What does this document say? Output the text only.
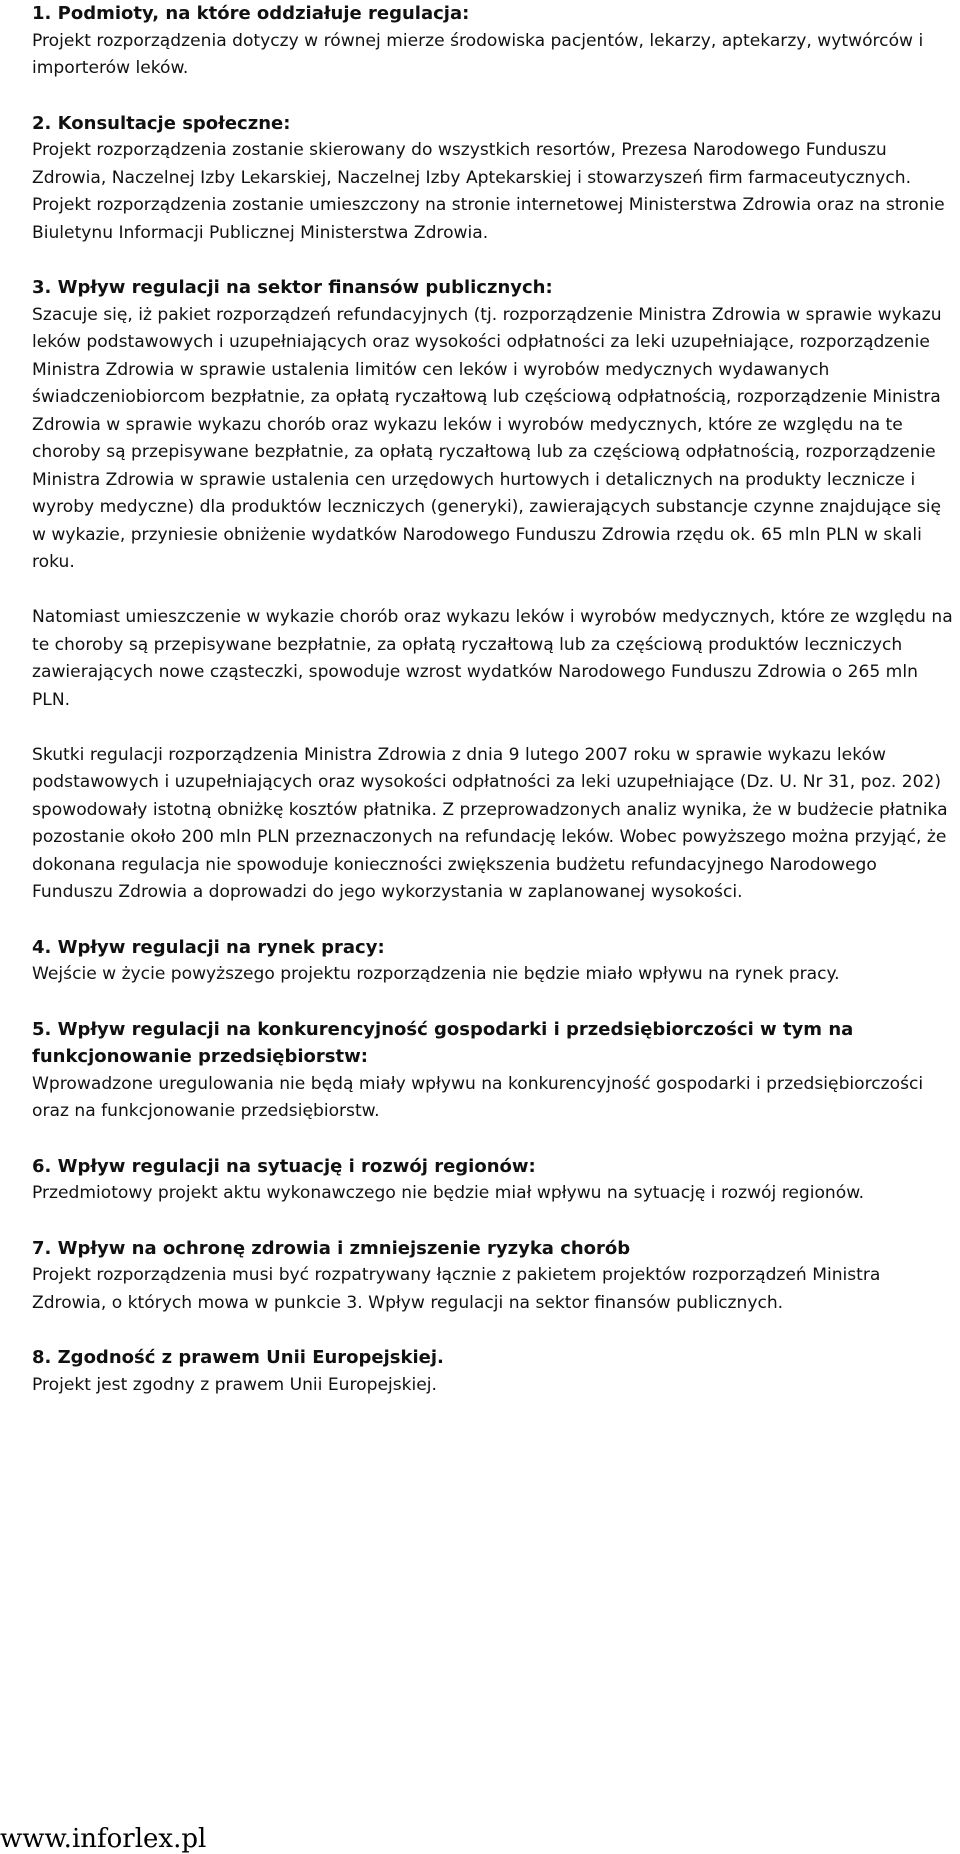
1. Podmioty, na które oddziałuje regulacja:

Projekt rozporządzenia dotyczy w równej mierze środowiska pacjentów, lekarzy, aptekarzy, wytwórców i importerów leków.

2. Konsultacje społeczne:

Projekt rozporządzenia zostanie skierowany do wszystkich resortów, Prezesa Narodowego Funduszu Zdrowia, Naczelnej Izby Lekarskiej, Naczelnej Izby Aptekarskiej i stowarzyszeń firm farmaceutycznych.

Projekt rozporządzenia zostanie umieszczony na stronie internetowej Ministerstwa Zdrowia oraz na stronie Biuletynu Informacji Publicznej Ministerstwa Zdrowia.

3. Wpływ regulacji na sektor finansów publicznych:

Szacuje się, iż pakiet rozporządzeń refundacyjnych (tj. rozporządzenie Ministra Zdrowia w sprawie wykazu leków podstawowych i uzupełniających oraz wysokości odpłatności za leki uzupełniające, rozporządzenie Ministra Zdrowia w sprawie ustalenia limitów cen leków i wyrobów medycznych wydawanych świadczeniobiorcom bezpłatnie, za opłatą ryczałtową lub częściową odpłatnością, rozporządzenie Ministra Zdrowia w sprawie wykazu chorób oraz wykazu leków i wyrobów medycznych, które ze względu na te choroby są przepisywane bezpłatnie, za opłatą ryczałtową lub za częściową odpłatnością, rozporządzenie Ministra Zdrowia w sprawie ustalenia cen urzędowych hurtowych i detalicznych na produkty lecznicze i wyroby medyczne) dla produktów leczniczych (generyki), zawierających substancje czynne znajdujące się w wykazie, przyniesie obniżenie wydatków Narodowego Funduszu Zdrowia rzędu ok. 65 mln PLN w skali roku.

Natomiast umieszczenie w wykazie chorób oraz wykazu leków i wyrobów medycznych, które ze względu na te choroby są przepisywane bezpłatnie, za opłatą ryczałtową lub za częściową produktów leczniczych zawierających nowe cząsteczki, spowoduje wzrost wydatków Narodowego Funduszu Zdrowia o 265 mln PLN.

Skutki regulacji rozporządzenia Ministra Zdrowia z dnia 9 lutego 2007 roku w sprawie wykazu leków podstawowych i uzupełniających oraz wysokości odpłatności za leki uzupełniające (Dz. U. Nr 31, poz. 202) spowodowały istotną obniżkę kosztów płatnika. Z przeprowadzonych analiz wynika, że w budżecie płatnika pozostanie około 200 mln PLN przeznaczonych na refundację leków. Wobec powyższego można przyjąć, że dokonana regulacja nie spowoduje konieczności zwiększenia budżetu refundacyjnego Narodowego Funduszu Zdrowia a doprowadzi do jego wykorzystania w zaplanowanej wysokości.

4. Wpływ regulacji na rynek pracy:

Wejście w życie powyższego projektu rozporządzenia nie będzie miało wpływu na rynek pracy.

5. Wpływ regulacji na konkurencyjność gospodarki i przedsiębiorczości w tym na funkcjonowanie przedsiębiorstw:

Wprowadzone uregulowania nie będą miały wpływu na konkurencyjność gospodarki i przedsiębiorczości oraz na funkcjonowanie przedsiębiorstw.

6. Wpływ regulacji na sytuację i rozwój regionów:

Przedmiotowy projekt aktu wykonawczego nie będzie miał wpływu na sytuację i rozwój regionów.

7. Wpływ na ochronę zdrowia i zmniejszenie ryzyka chorób

Projekt rozporządzenia musi być rozpatrywany łącznie z pakietem projektów rozporządzeń Ministra Zdrowia, o których mowa w punkcie 3. Wpływ regulacji na sektor finansów publicznych.

8. Zgodność z prawem Unii Europejskiej.

Projekt jest zgodny z prawem Unii Europejskiej.

www.inforlex.pl
